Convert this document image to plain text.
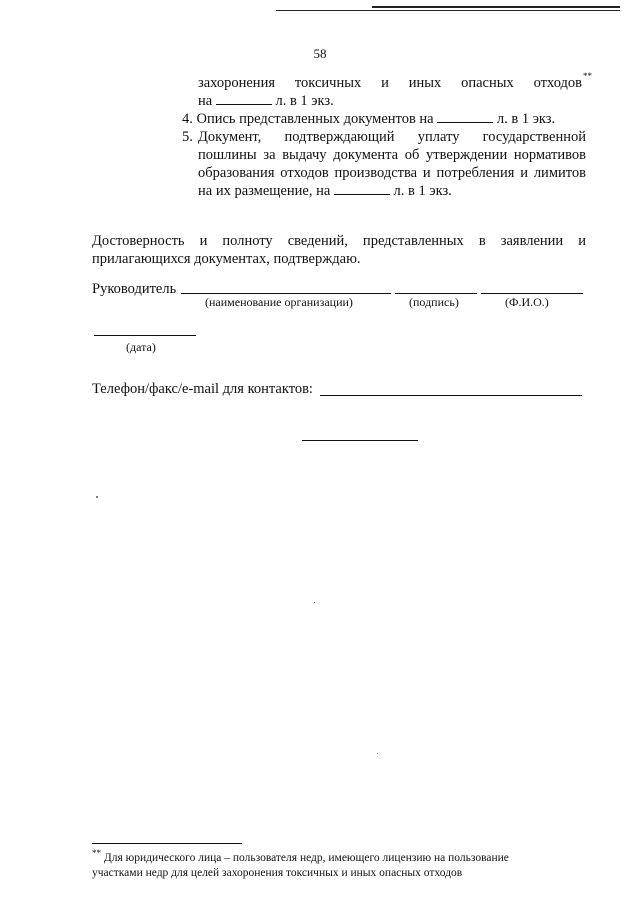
58
захоронения токсичных и иных опасных отходов **
на	л. в 1 экз.
4. Опись представленных документов на	л. в 1 экз.
5. Документ, подтверждающий уплату государственной
пошлины за выдачу документа об утверждении нормативов
образования отходов производства и потребления и лимитов
на их размещение, на	л. в 1 экз.
Достоверность и полноту сведений, представленных в заявлении и
прилагающихся документах, подтверждаю.
Руководитель
(наименование организации)	(подпись)	(Ф.И.О.)
(дата)
Телефон/факс/e-mail для контактов:
** Для юридического лица – пользователя недр, имеющего лицензию на пользование
участками недр для целей захоронения токсичных и иных опасных отходов
